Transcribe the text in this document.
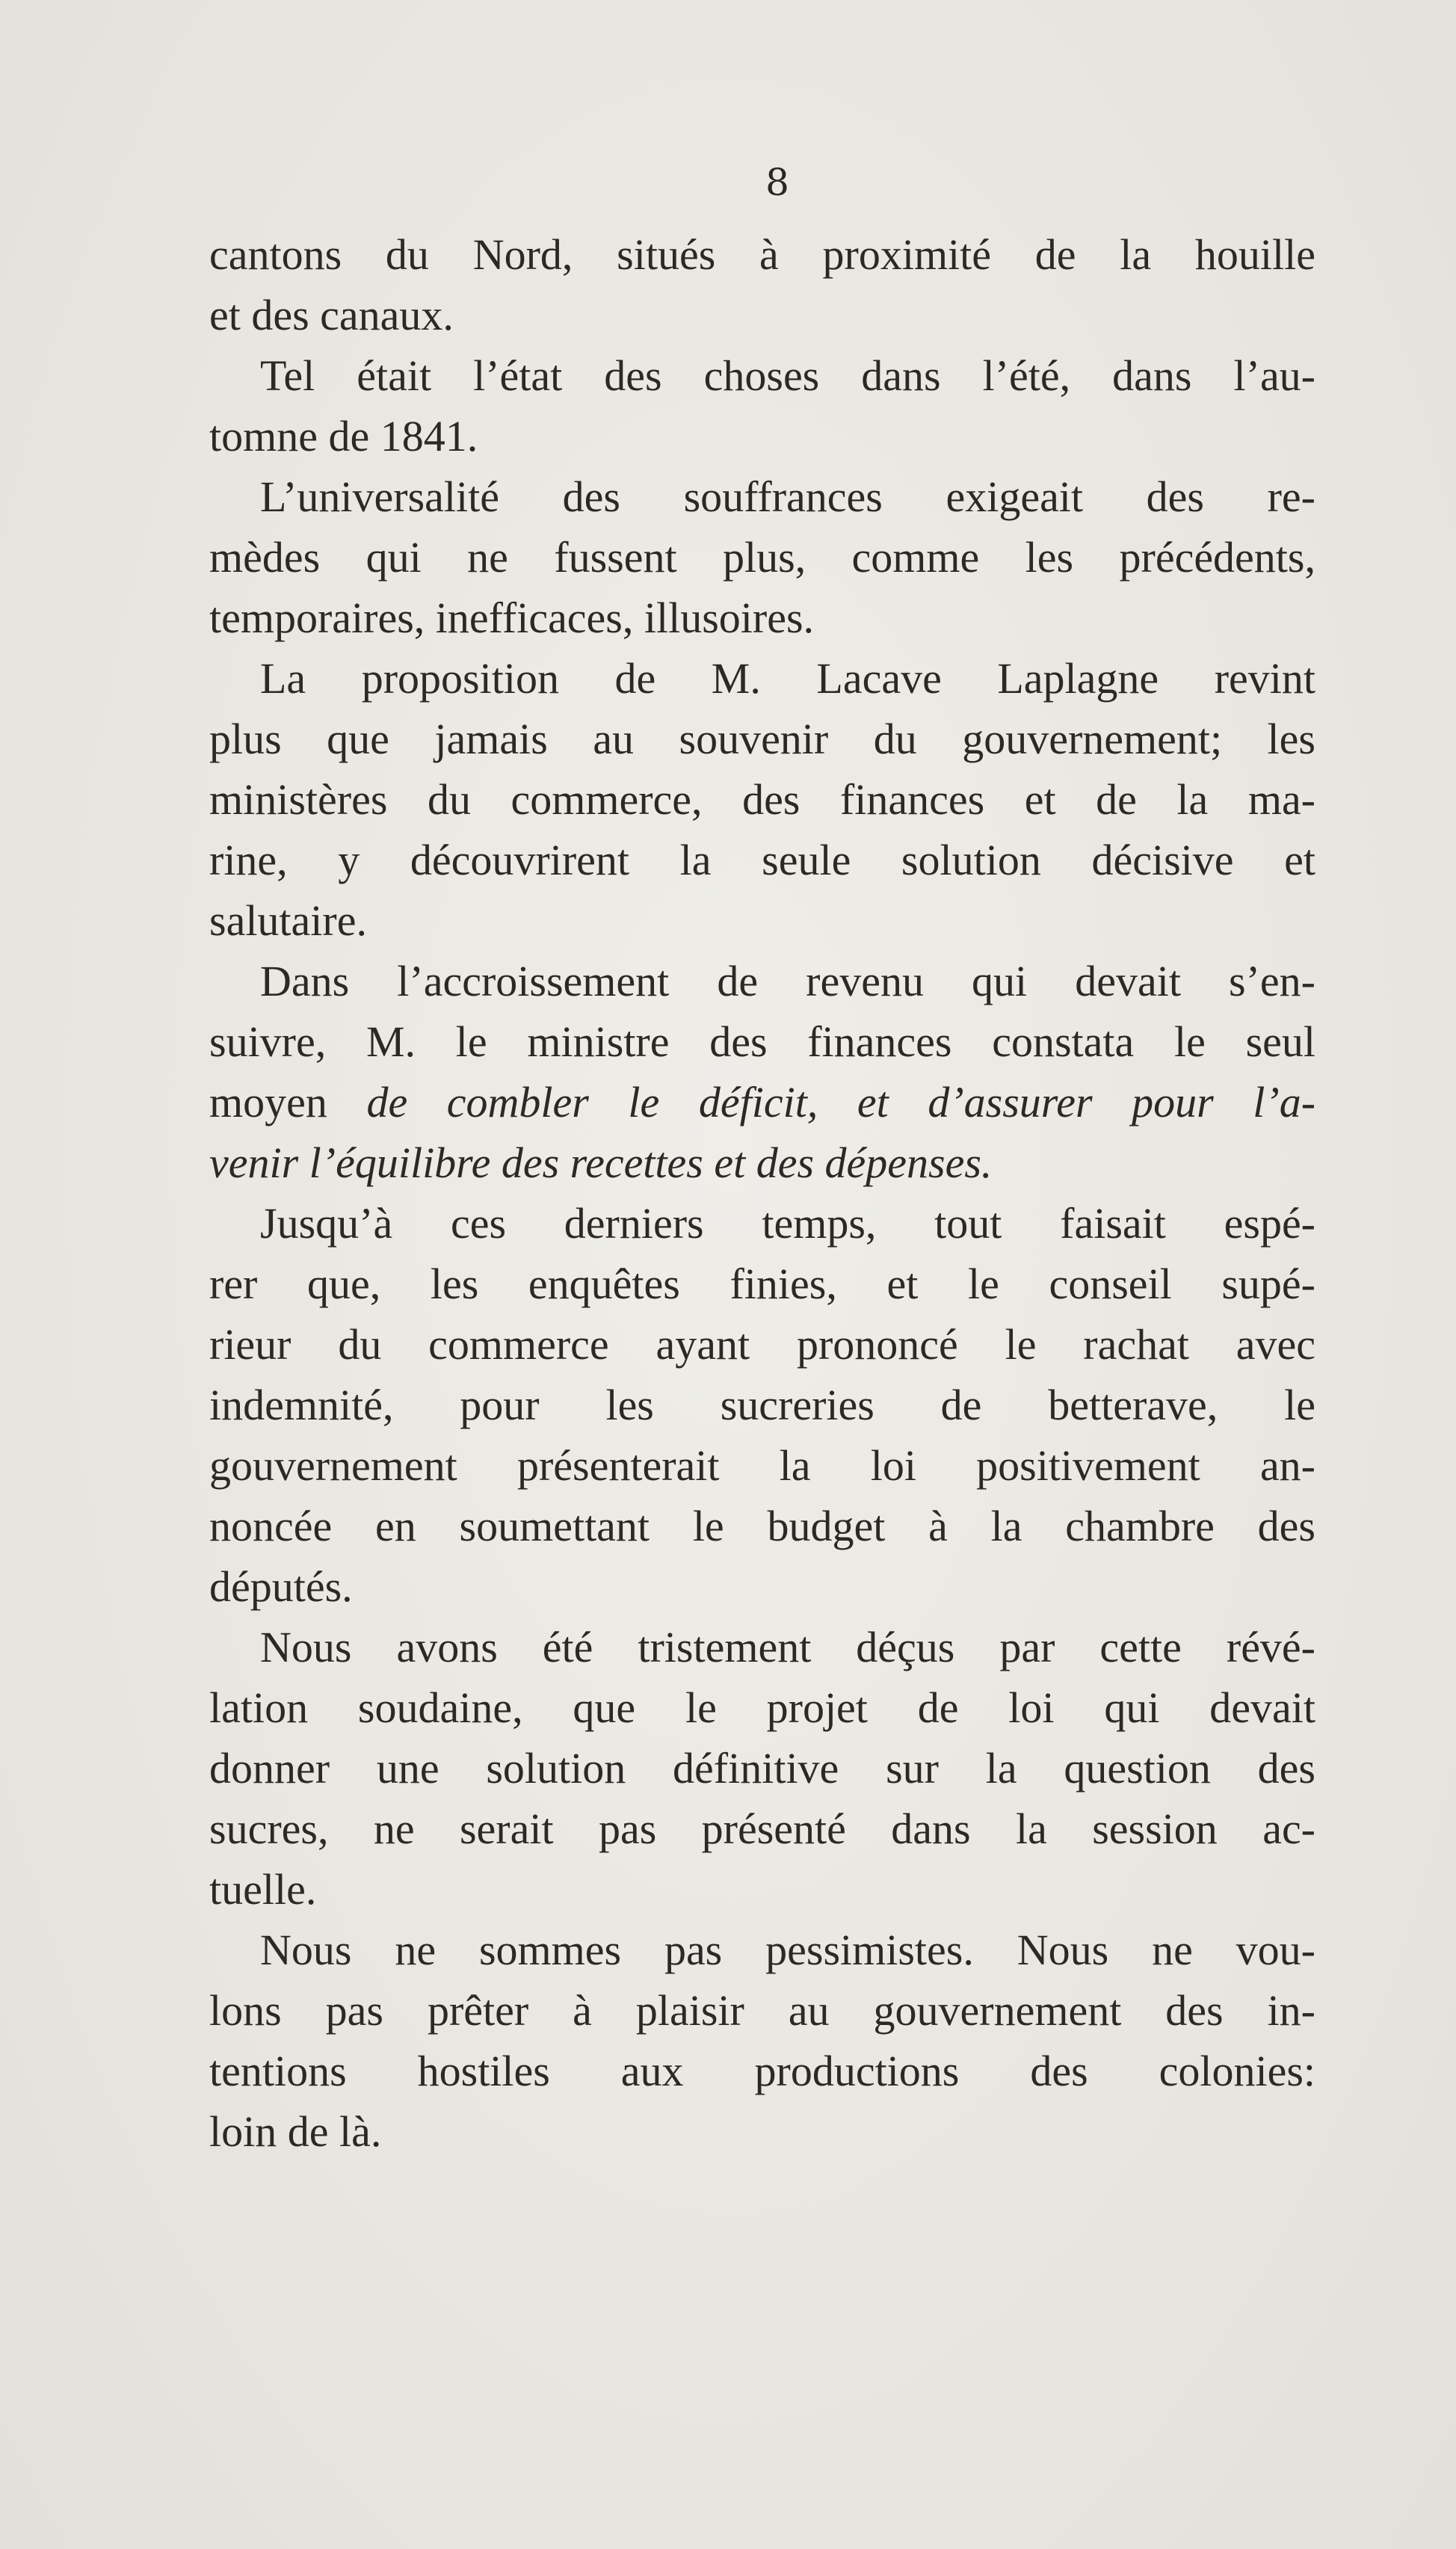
8

cantons du Nord, situés à proximité de la houille
et des canaux.
Tel était l’état des choses dans l’été, dans l’au-
tomne de 1841.
L’universalité des souffrances exigeait des re-
mèdes qui ne fussent plus, comme les précédents,
temporaires, inefficaces, illusoires.
La proposition de M. Lacave Laplagne revint
plus que jamais au souvenir du gouvernement; les
ministères du commerce, des finances et de la ma-
rine, y découvrirent la seule solution décisive et
salutaire.
Dans l’accroissement de revenu qui devait s’en-
suivre, M. le ministre des finances constata le seul
moyen de combler le déficit, et d’assurer pour l’a-
venir l’équilibre des recettes et des dépenses.
Jusqu’à ces derniers temps, tout faisait espé-
rer que, les enquêtes finies, et le conseil supé-
rieur du commerce ayant prononcé le rachat avec
indemnité, pour les sucreries de betterave, le
gouvernement présenterait la loi positivement an-
noncée en soumettant le budget à la chambre des
députés.
Nous avons été tristement déçus par cette révé-
lation soudaine, que le projet de loi qui devait
donner une solution définitive sur la question des
sucres, ne serait pas présenté dans la session ac-
tuelle.
Nous ne sommes pas pessimistes. Nous ne vou-
lons pas prêter à plaisir au gouvernement des in-
tentions hostiles aux productions des colonies:
loin de là.
